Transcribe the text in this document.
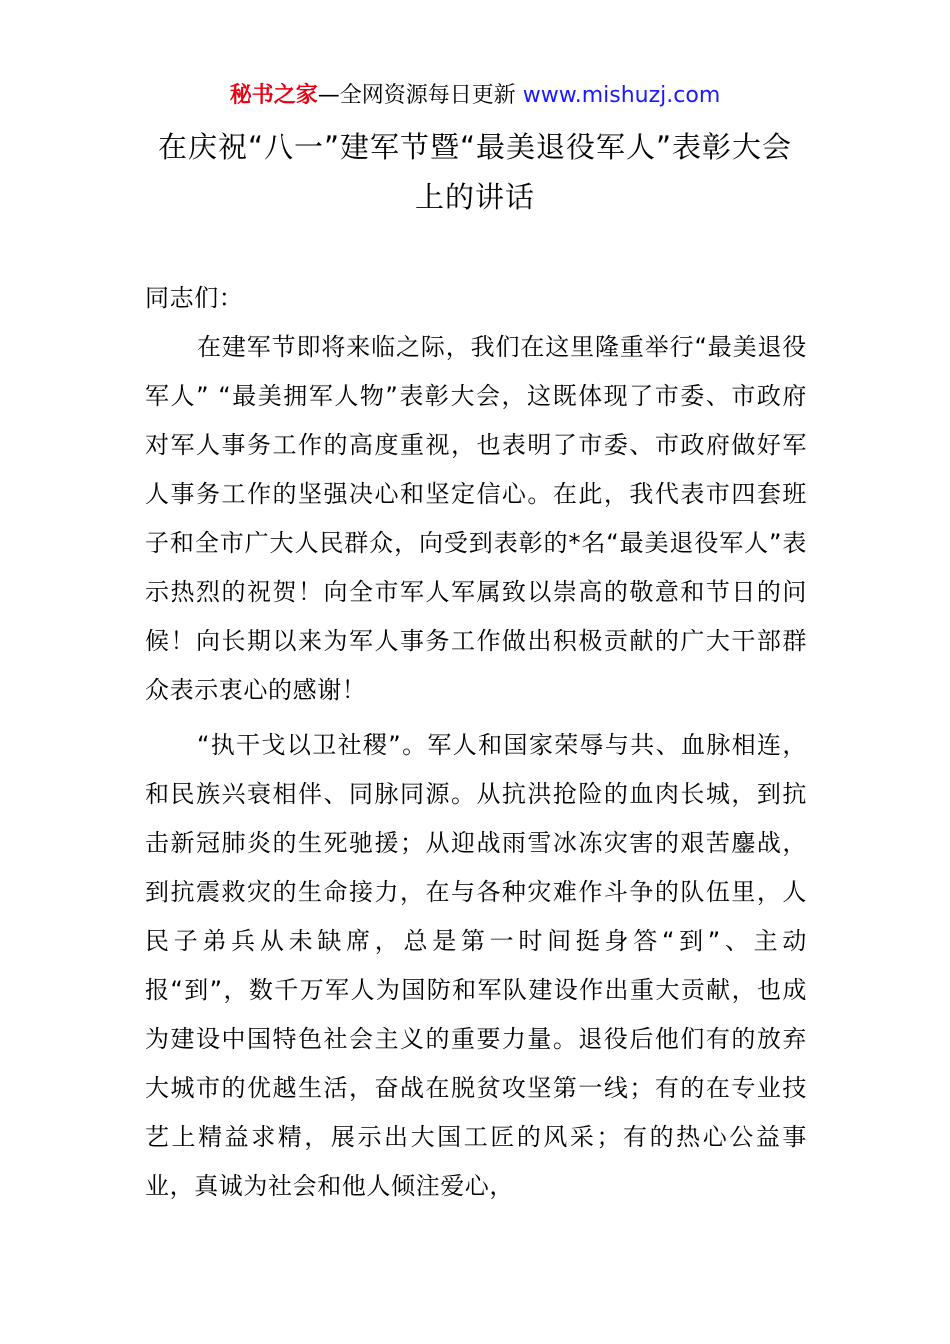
秘书之家—全网资源每日更新 www.mishuzj.com
在庆祝“八一”建军节暨“最美退役军人”表彰大会上的讲话
同志们：

在建军节即将来临之际，我们在这里隆重举行“最美退役军人” “最美拥军人物”表彰大会，这既体现了市委、市政府对军人事务工作的高度重视，也表明了市委、市政府做好军人事务工作的坚强决心和坚定信心。在此，我代表市四套班子和全市广大人民群众，向受到表彰的*名“最美退役军人”表示热烈的祝贺！向全市军人军属致以崇高的敬意和节日的问候！向长期以来为军人事务工作做出积极贡献的广大干部群众表示衷心的感谢！

“执干戈以卫社稷”。军人和国家荣辱与共、血脉相连，和民族兴衰相伴、同脉同源。从抗洪抢险的血肉长城，到抗击新冠肺炎的生死驰援；从迎战雨雪冰冻灾害的艰苦鏖战，到抗震救灾的生命接力，在与各种灾难作斗争的队伍里，人民子弟兵从未缺席，总是第一时间挺身答“到”、主动报“到”，数千万军人为国防和军队建设作出重大贡献，也成为建设中国特色社会主义的重要力量。退役后他们有的放弃大城市的优越生活，奋战在脱贫攻坚第一线；有的在专业技艺上精益求精，展示出大国工匠的风采；有的热心公益事业，真诚为社会和他人倾注爱心，
